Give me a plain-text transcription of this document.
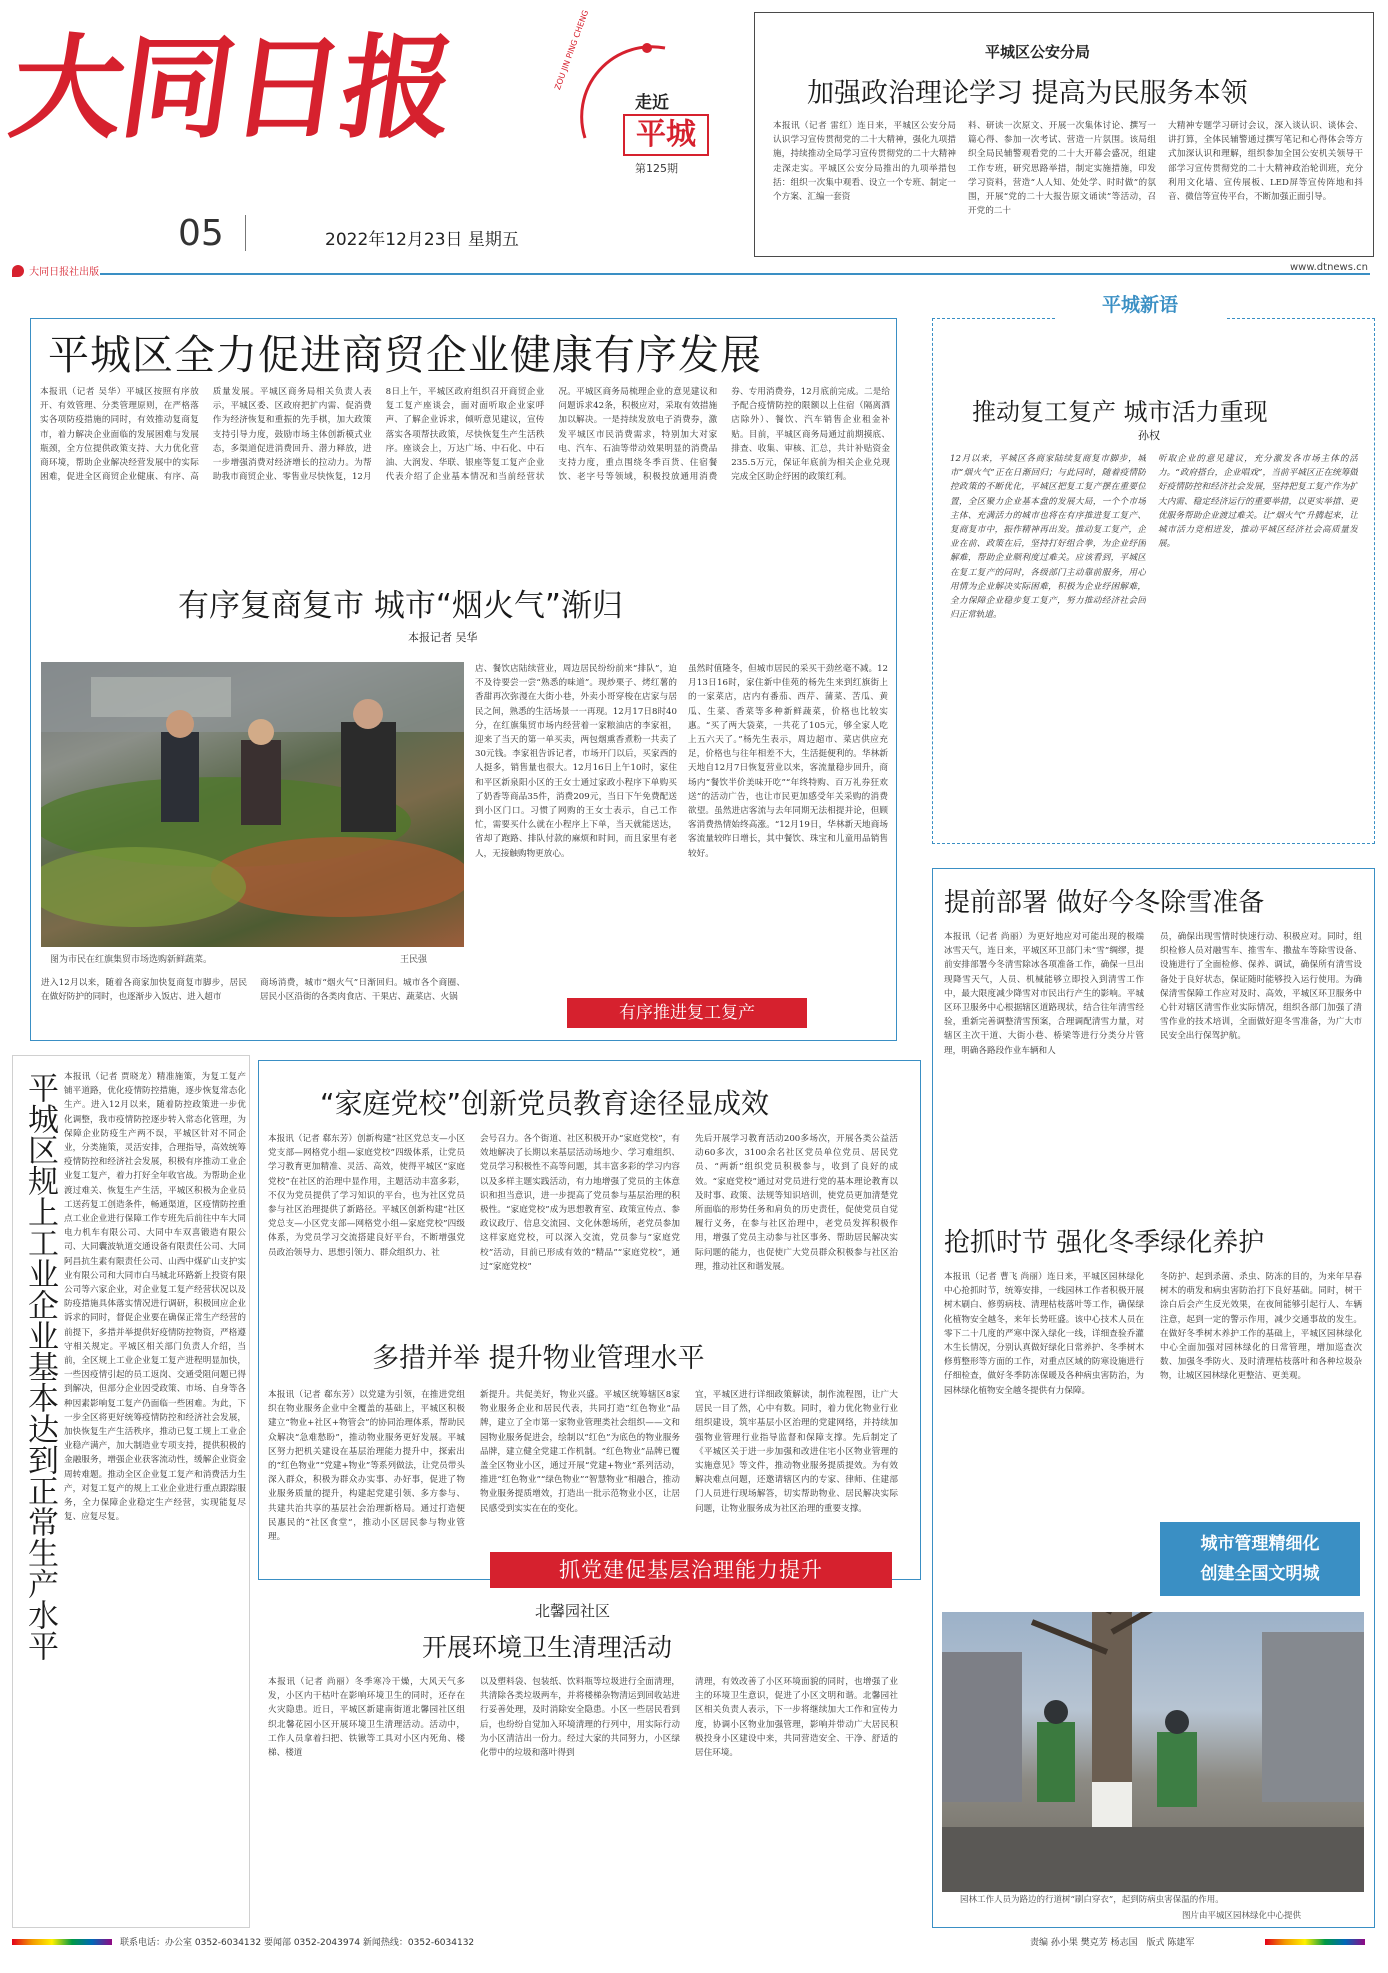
大同日报	ZOU JIN PING CHENG
走近
平城
第125期
05	2022年12月23日 星期五
大同日报社出版	www.dtnews.cn
平城区公安分局
加强政治理论学习 提高为民服务本领
本报讯（记者 雷红）连日来，平城区公安分局认识学习宣传贯彻党的二十大精神，强化九项措施，持续推动全局学习宣传贯彻党的二十大精神走深走实。平城区公安分局推出的九项举措包括：组织一次集中观看、设立一个专班、制定一个方案、汇编一套资
料、研读一次原文、开展一次集体讨论、撰写一篇心得、参加一次考试、营造一片氛围。该局组织全局民辅警观看党的二十大开幕会盛况，组建工作专班，研究思路举措，制定实施措施，印发学习资料，营造“人人知、处处学、时时做”的氛围，开展“党的二十大报告原文诵读”等活动，召开党的二十
大精神专题学习研讨会议，深入谈认识、谈体会、讲打算，全体民辅警通过撰写笔记和心得体会等方式加深认识和理解，组织参加全国公安机关领导干部学习宣传贯彻党的二十大精神政治轮训班，充分利用文化墙、宣传展板、LED屏等宣传阵地和抖音、微信等宣传平台，不断加强正面引导。
平城区全力促进商贸企业健康有序发展
本报讯（记者 吴华）平城区按照有序放开、有效管理、分类管理原则，在严格落实各项防疫措施的同时，有效推动复商复市，着力解决企业面临的发展困难与发展瓶颈，全方位提供政策支持、大力优化营商环境，帮助企业解决经营发展中的实际困难，促进全区商贸企业健康、有序、高质量发展。平城区商务局相关负责人表示，平城区委、区政府把扩内需、促消费作为经济恢复和重振的先手棋，加大政策支持引导力度，鼓励市场主体创新模式业态，多渠道促进消费回升、潜力释放，进一步增强消费对经济增长的拉动力。为帮助我市商贸企业、零售业尽快恢复，12月8日上午，平城区政府组织召开商贸企业复工复产座谈会，面对面听取企业家呼声、了解企业诉求，倾听意见建议，宣传落实各项帮扶政策，尽快恢复生产生活秩序。座谈会上，万达广场、中石化、中石油、大润发、华联、银座等复工复产企业代表介绍了企业基本情况和当前经营状况。平城区商务局梳理企业的意见建议和问题诉求42条，积极应对，采取有效措施加以解决。一是持续发放电子消费券，激发平城区市民消费需求，特别加大对家电、汽车、石油等带动效果明显的消费品支持力度，重点围绕冬季百货、住宿餐饮、老字号等领域，积极投放通用消费券、专用消费券，12月底前完成。二是给予配合疫情防控的限额以上住宿（隔离酒店除外）、餐饮、汽车销售企业租金补贴。目前，平城区商务局通过前期摸底、排查、收集、审核、汇总，共计补贴资金235.5万元，保证年底前为相关企业兑现完成全区助企纾困的政策红利。
有序复商复市 城市“烟火气”渐归
本报记者 吴华
图为市民在红旗集贸市场选购新鲜蔬菜。	王民强
进入12月以来，随着各商家加快复商复市脚步，居民在做好防护的同时，也逐渐步入饭店、进入超市
商场消费，城市“烟火气”日渐回归。城市各个商圈、居民小区沿街的各类肉食店、干果店、蔬菜店、火锅
店、餐饮店陆续营业，周边居民纷纷前来“排队”，迫不及待要尝一尝“熟悉的味道”。现炒栗子、烤红薯的香甜再次弥漫在大街小巷，外卖小哥穿梭在店家与居民之间，熟悉的生活场景一一再现。12月17日8时40分，在红旗集贸市场内经营着一家粮油店的李家祖，迎来了当天的第一单买卖，两包烟熏香煮粉一共卖了30元钱。李家祖告诉记者，市场开门以后，买家西的人挺多，销售量也很大。12月16日上午10时，家住和平区新泉阳小区的王女士通过家政小程序下单购买了奶香等商品35件，消费209元，当日下午免费配送到小区门口。习惯了网购的王女士表示，自己工作忙，需要买什么就在小程序上下单，当天就能送达，省却了跑路、排队付款的麻烦和时间，而且家里有老人，无接触购物更放心。
虽然时值隆冬，但城市居民的采买干劲丝毫不减。12月13日16时，家住新中佳苑的杨先生来到红旗街上的一家菜店，店内有番茄、西芹、蒲菜、苦瓜、黄瓜、生菜、香菜等多种新鲜蔬菜，价格也比较实惠。“买了两大袋菜，一共花了105元，够全家人吃上五六天了。”杨先生表示，周边超市、菜店供应充足，价格也与往年相差不大，生活挺便利的。华林新天地自12月7日恢复营业以来，客流量稳步回升，商场内“餐饮半价美味开吃”“年终特购、百万礼券狂欢送”的活动广告，也让市民更加感受年关采购的消费欲望。虽然进店客流与去年同期无法相提并论，但顾客消费热情始终高涨。“12月19日，华林新天地商场客流量较昨日增长，其中餐饮、珠宝和儿童用品销售较好。
有序推进复工复产
平城新语
推动复工复产 城市活力重现
孙权
12月以来，平城区各商家陆续复商复市脚步，城市“烟火气”正在日渐回归；与此同时，随着疫情防控政策的不断优化，平城区把复工复产摆在重要位置，全区聚力企业基本盘的发展大局，一个个市场主体、充满活力的城市也将在有序推进复工复产、复商复市中，振作精神再出发。推动复工复产，企业在前、政策在后，坚持打好组合拳，为企业纾困解难，帮助企业顺利度过难关。应该看到，平城区在复工复产的同时，各级部门主动靠前服务，用心用情为企业解决实际困难，积极为企业纾困解难，全力保障企业稳步复工复产，努力推动经济社会回归正常轨道。
听取企业的意见建议，充分激发各市场主体的活力。“政府搭台，企业唱戏”，当前平城区正在统筹做好疫情防控和经济社会发展，坚持把复工复产作为扩大内需、稳定经济运行的重要举措，以更实举措、更优服务帮助企业渡过难关。让“烟火气”升腾起来，让城市活力竞相迸发，推动平城区经济社会高质量发展。
提前部署 做好今冬除雪准备
本报讯（记者 尚丽）为更好地应对可能出现的极端冰雪天气，连日来，平城区环卫部门未“雪”绸缪，提前安排部署今冬清雪除冰各项准备工作，确保一旦出现降雪天气，人员、机械能够立即投入到清雪工作中，最大限度减少降雪对市民出行产生的影响。平城区环卫服务中心根据辖区道路现状，结合往年清雪经验，重新完善调整清雪预案，合理调配清雪力量，对辖区主次干道、大街小巷、桥梁等进行分类分片管理，明确各路段作业车辆和人
员，确保出现雪情时快速行动、积极应对。同时，组织检修人员对融雪车、推雪车、撒盐车等除雪设备、设施进行了全面检修、保养、调试，确保所有清雪设备处于良好状态，保证随时能够投入运行使用。为确保清雪保障工作应对及时、高效，平城区环卫服务中心针对辖区清雪作业实际情况，组织各部门加强了清雪作业的技术培训，全面做好迎冬雪准备，为广大市民安全出行保驾护航。
抢抓时节 强化冬季绿化养护
本报讯（记者 曹飞 尚丽）连日来，平城区园林绿化中心抢抓时节，统筹安排，一线园林工作者积极开展树木刷白、修剪病枝、清理枯枝落叶等工作，确保绿化植物安全越冬，来年长势旺盛。该中心技术人员在零下二十几度的严寒中深入绿化一线，详细查验乔灌木生长情况，分别认真做好绿化日常养护、冬季树木修剪整形等方面的工作，对重点区域的防寒设施进行仔细检查，做好冬季防冻保暖及各种病虫害防治，为园林绿化植物安全越冬提供有力保障。
冬防护、起到杀菌、杀虫、防冻的目的，为来年早春树木的萌发和病虫害防治打下良好基础。同时，树干涂白后会产生反光效果，在夜间能够引起行人、车辆注意，起到一定的警示作用，减少交通事故的发生。在做好冬季树木养护工作的基础上，平城区园林绿化中心全面加强对园林绿化的日常管理，增加巡查次数、加强冬季防火、及时清理枯枝落叶和各种垃圾杂物，让城区园林绿化更整洁、更美观。
城市管理精细化
创建全国文明城
园林工作人员为路边的行道树“刷白穿衣”，起到防病虫害保温的作用。
图片由平城区园林绿化中心提供
平城区规上工业企业基本达到正常生产水平 本报讯（记者 贾晓龙）精准施策，为复工复产铺平道路，优化疫情防控措施，逐步恢复常态化生产。进入12月以来，随着防控政策进一步优化调整，我市疫情防控逐步转入常态化管理，为保障企业防疫生产两不误，平城区针对不同企业，分类施策，灵活安排，合理指导，高效统筹疫情防控和经济社会发展，积极有序推动工业企业复工复产，着力打好全年收官战。为帮助企业渡过难关、恢复生产生活，平城区积极为企业员工送药复工创造条件，畅通渠道，区疫情防控重点工业企业进行保障工作专班先后前往中车大同电力机车有限公司、大同中车双喜锻造有限公司、大同囊波轨道交通设备有限责任公司、大同阿昌抗生素有限责任公司、山西中煤矿山支护实业有限公司和大同市白马城北环路新上投资有限公司等六家企业，对企业复工复产经营状况以及防疫措施具体落实情况进行调研，积极回应企业诉求的同时，督促企业要在确保正常生产经营的前提下，多措并举提供好疫情防控物资，严格遵守相关规定。平城区相关部门负责人介绍，当前，全区规上工业企业复工复产进程明显加快，一些因疫情引起的员工返岗、交通受阻问题已得到解决，但部分企业因受政策、市场、自身等各种因素影响复工复产仍面临一些困难。为此，下一步全区将更好统筹疫情防控和经济社会发展，加快恢复生产生活秩序，推动已复工规上工业企业稳产满产，加大制造业专项支持，提供积极的金融服务，增强企业获客流动性，缓解企业资金周转难题。推动全区企业复工复产和消费活力生产，对复工复产的规上工业企业进行重点跟踪服务，全力保障企业稳定生产经营，实现能复尽复、应复尽复。
“家庭党校”创新党员教育途径显成效
本报讯（记者 郗东芳）创新构建“社区党总支—小区党支部—网格党小组—家庭党校”四级体系，让党员学习教育更加精准、灵活、高效，使得平城区“家庭党校”在社区的治理中显作用，主题活动丰富多彩，不仅为党员提供了学习知识的平台，也为社区党员参与社区治理提供了新路径。平城区创新构建“社区党总支—小区党支部—网格党小组—家庭党校”四级体系，为党员学习交流搭建良好平台，不断增强党员政治领导力、思想引领力、群众组织力、社
会号召力。各个街道、社区积极开办“家庭党校”，有效地解决了长期以来基层活动场地少、学习难组织、党员学习积极性不高等问题，其丰富多彩的学习内容以及多样主题实践活动，有力地增强了党员的主体意识和担当意识，进一步提高了党员参与基层治理的积极性。“家庭党校”成为思想教育室、政策宣传点、参政议政厅、信息交流园、文化休憩场所，老党员参加这样家庭党校，可以深入交流，党员参与“家庭党校”活动，目前已形成有效的“精品”“家庭党校”，通过“家庭党校”
先后开展学习教育活动200多场次，开展各类公益活动60多次，3100余名社区党员单位党员、居民党员、“两新”组织党员积极参与，收到了良好的成效。“家庭党校”通过对党员进行党的基本理论教育以及时事、政策、法规等知识培训，使党员更加清楚党所面临的形势任务和肩负的历史责任，促使党员自觉履行义务，在参与社区治理中，老党员发挥积极作用，增强了党员主动参与社区事务、帮助居民解决实际问题的能力，也促使广大党员群众积极参与社区治理，推动社区和谐发展。
多措并举 提升物业管理水平
本报讯（记者 郗东芳）以党建为引领，在推进党组织在物业服务企业中全覆盖的基础上，平城区积极建立“物业+社区+物管会”的协同治理体系，帮助民众解决“急难愁盼”，推动物业服务更好发展。平城区努力把机关建设在基层治理能力提升中，探索出的“红色物业”“党建+物业”等系列做法，让党员带头深入群众，积极为群众办实事、办好事，促进了物业服务质量的提升，构建起党建引领、多方参与、共建共治共享的基层社会治理新格局。通过打造便民惠民的“社区食堂”，推动小区居民参与物业管理。
新提升。共促美好，物业兴盛。平城区统筹辖区8家物业服务企业和居民代表，共同打造“红色物业”品牌，建立了全市第一家物业管理类社会组织——文和园物业服务促进会，绘制以“红色”为底色的物业服务品牌，建立健全党建工作机制。“红色物业”品牌已覆盖全区物业小区，通过开展“党建+物业”系列活动，推进“红色物业”“绿色物业”“智慧物业”相融合，推动物业服务提质增效，打造出一批示范物业小区，让居民感受到实实在在的变化。
宜，平城区进行详细政策解读，制作流程图，让广大居民一目了然，心中有数。同时，着力优化物业行业组织建设，筑牢基层小区治理的党建网络，并持续加强物业管理行业指导监督和保障支撑。先后制定了《平城区关于进一步加强和改进住宅小区物业管理的实施意见》等文件，推动物业服务提质提效。为有效解决难点问题，还邀请辖区内的专家、律师、住建部门人员进行现场解答，切实帮助物业、居民解决实际问题，让物业服务成为社区治理的重要支撑。
抓党建促基层治理能力提升
北馨园社区
开展环境卫生清理活动
本报讯（记者 尚丽）冬季寒冷干燥，大风天气多发，小区内干枯叶在影响环境卫生的同时，还存在火灾隐患。近日，平城区新建南街道北馨园社区组织北馨花园小区开展环境卫生清理活动。活动中，工作人员拿着扫把、铁锹等工具对小区内死角、楼梯、楼道
以及塑料袋、包装纸、饮料瓶等垃圾进行全面清理，共清除各类垃圾两车，并将楼梯杂物清运到回收站进行妥善处理，及时消除安全隐患。小区一些居民看到后，也纷纷自觉加入环境清理的行列中，用实际行动为小区清洁出一份力。经过大家的共同努力，小区绿化带中的垃圾和落叶得到
清理，有效改善了小区环境面貌的同时，也增强了业主的环境卫生意识，促进了小区文明和谐。北馨园社区相关负责人表示，下一步将继续加大工作和宣传力度，协调小区物业加强管理，影响并带动广大居民积极投身小区建设中来，共同营造安全、干净、舒适的居住环境。
联系电话：办公室 0352-6034132 要闻部 0352-2043974 新闻热线：0352-6034132	责编 孙小果 樊克芳 杨志国 版式 陈建军
